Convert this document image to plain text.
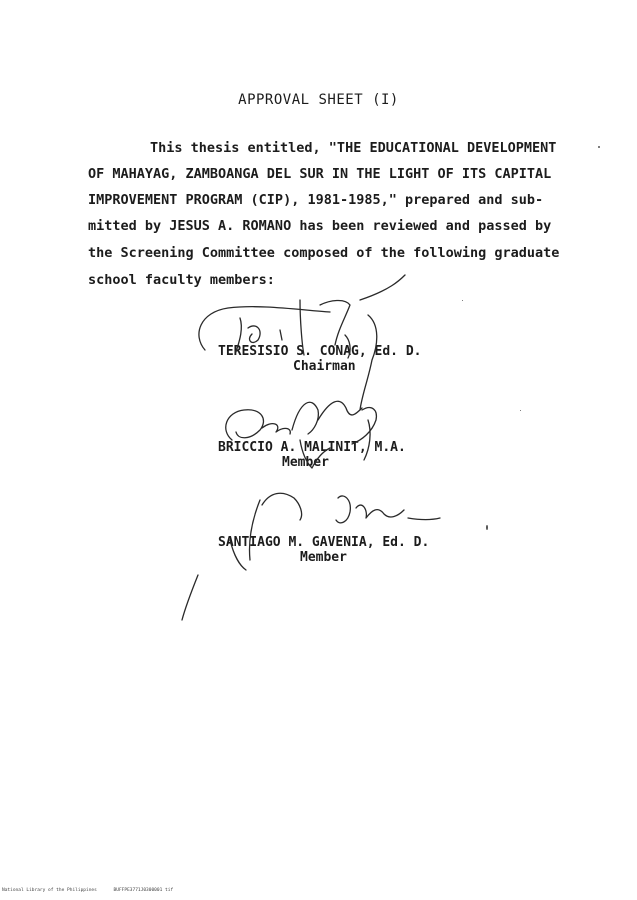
APPROVAL SHEET (I)
This thesis entitled, "THE EDUCATIONAL DEVELOPMENT
OF MAHAYAG, ZAMBOANGA DEL SUR IN THE LIGHT OF ITS CAPITAL
IMPROVEMENT PROGRAM (CIP), 1981-1985," prepared and sub-
mitted by JESUS A. ROMANO has been reviewed and passed by
the Screening Committee composed of the following graduate
school faculty members:
TERESISIO S. CONAG, Ed. D.
Chairman
BRICCIO A. MALINIT, M.A.
Member
SANTIAGO M. GAVENIA, Ed. D.
Member
National Library of the Philippines	BUFFPE3771J0300001 tif
